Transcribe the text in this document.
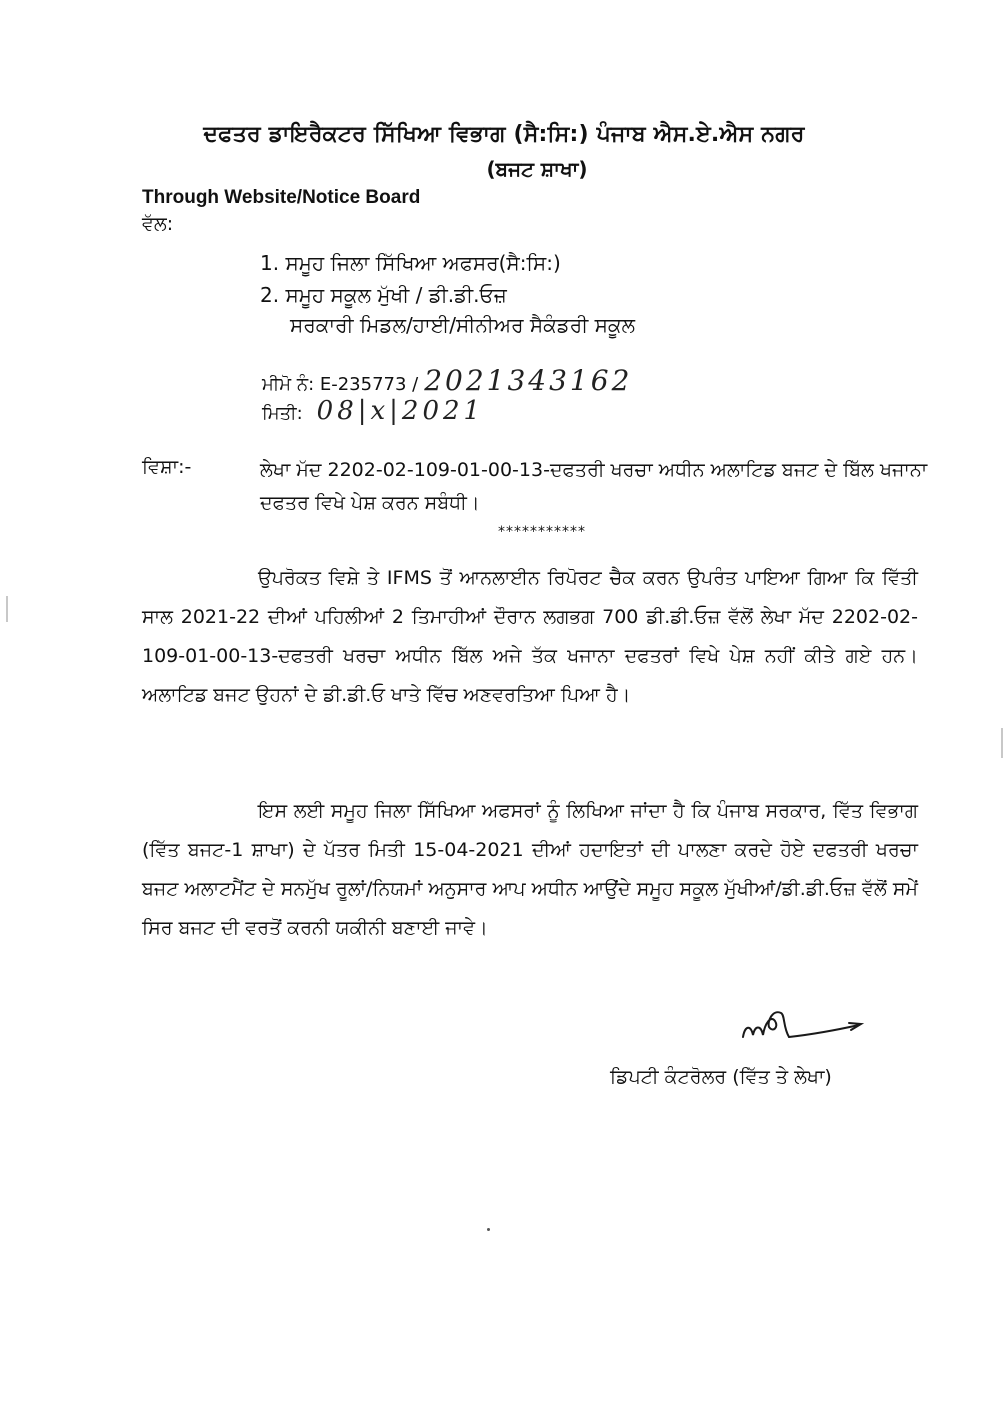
ਦਫਤਰ ਡਾਇਰੈਕਟਰ ਸਿੱਖਿਆ ਵਿਭਾਗ (ਸੈ:ਸਿ:) ਪੰਜਾਬ ਐਸ.ਏ.ਐਸ ਨਗਰ
(ਬਜਟ ਸ਼ਾਖਾ)
Through Website/Notice Board
ਵੱਲ:
1. ਸਮੂਹ ਜਿਲਾ ਸਿੱਖਿਆ ਅਫਸਰ(ਸੈ:ਸਿ:)
2. ਸਮੂਹ ਸਕੂਲ ਮੁੱਖੀ / ਡੀ.ਡੀ.ਓਜ਼
ਸਰਕਾਰੀ ਮਿਡਲ/ਹਾਈ/ਸੀਨੀਅਰ ਸੈਕੰਡਰੀ ਸਕੂਲ
ਮੀਮੋ ਨੰ: E-235773 / 2021343162
ਮਿਤੀ: 08|x|2021
ਵਿਸ਼ਾ:-	ਲੇਖਾ ਮੱਦ 2202-02-109-01-00-13-ਦਫਤਰੀ ਖਰਚਾ ਅਧੀਨ ਅਲਾਟਿਡ ਬਜਟ ਦੇ ਬਿੱਲ ਖਜਾਨਾ ਦਫਤਰ ਵਿਖੇ ਪੇਸ਼ ਕਰਨ ਸਬੰਧੀ।
***********
ਉਪਰੋਕਤ ਵਿਸ਼ੇ ਤੇ IFMS ਤੋਂ ਆਨਲਾਈਨ ਰਿਪੋਰਟ ਚੈਕ ਕਰਨ ਉਪਰੰਤ ਪਾਇਆ ਗਿਆ ਕਿ ਵਿੱਤੀ ਸਾਲ 2021-22 ਦੀਆਂ ਪਹਿਲੀਆਂ 2 ਤਿਮਾਹੀਆਂ ਦੌਰਾਨ ਲਗਭਗ 700 ਡੀ.ਡੀ.ਓਜ਼ ਵੱਲੋਂ ਲੇਖਾ ਮੱਦ 2202-02-109-01-00-13-ਦਫਤਰੀ ਖਰਚਾ ਅਧੀਨ ਬਿੱਲ ਅਜੇ ਤੱਕ ਖਜਾਨਾ ਦਫਤਰਾਂ ਵਿਖੇ ਪੇਸ਼ ਨਹੀਂ ਕੀਤੇ ਗਏ ਹਨ। ਅਲਾਟਿਡ ਬਜਟ ਉਹਨਾਂ ਦੇ ਡੀ.ਡੀ.ਓ ਖਾਤੇ ਵਿੱਚ ਅਣਵਰਤਿਆ ਪਿਆ ਹੈ।
ਇਸ ਲਈ ਸਮੂਹ ਜਿਲਾ ਸਿੱਖਿਆ ਅਫਸਰਾਂ ਨੂੰ ਲਿਖਿਆ ਜਾਂਦਾ ਹੈ ਕਿ ਪੰਜਾਬ ਸਰਕਾਰ, ਵਿੱਤ ਵਿਭਾਗ (ਵਿੱਤ ਬਜਟ-1 ਸ਼ਾਖਾ) ਦੇ ਪੱਤਰ ਮਿਤੀ 15-04-2021 ਦੀਆਂ ਹਦਾਇਤਾਂ ਦੀ ਪਾਲਣਾ ਕਰਦੇ ਹੋਏ ਦਫਤਰੀ ਖਰਚਾ ਬਜਟ ਅਲਾਟਮੈਂਟ ਦੇ ਸਨਮੁੱਖ ਰੂਲਾਂ/ਨਿਯਮਾਂ ਅਨੁਸਾਰ ਆਪ ਅਧੀਨ ਆਉਂਦੇ ਸਮੂਹ ਸਕੂਲ ਮੁੱਖੀਆਂ/ਡੀ.ਡੀ.ਓਜ਼ ਵੱਲੋਂ ਸਮੇਂ ਸਿਰ ਬਜਟ ਦੀ ਵਰਤੋਂ ਕਰਨੀ ਯਕੀਨੀ ਬਣਾਈ ਜਾਵੇ।
ਡਿਪਟੀ ਕੰਟਰੋਲਰ (ਵਿੱਤ ਤੇ ਲੇਖਾ)
